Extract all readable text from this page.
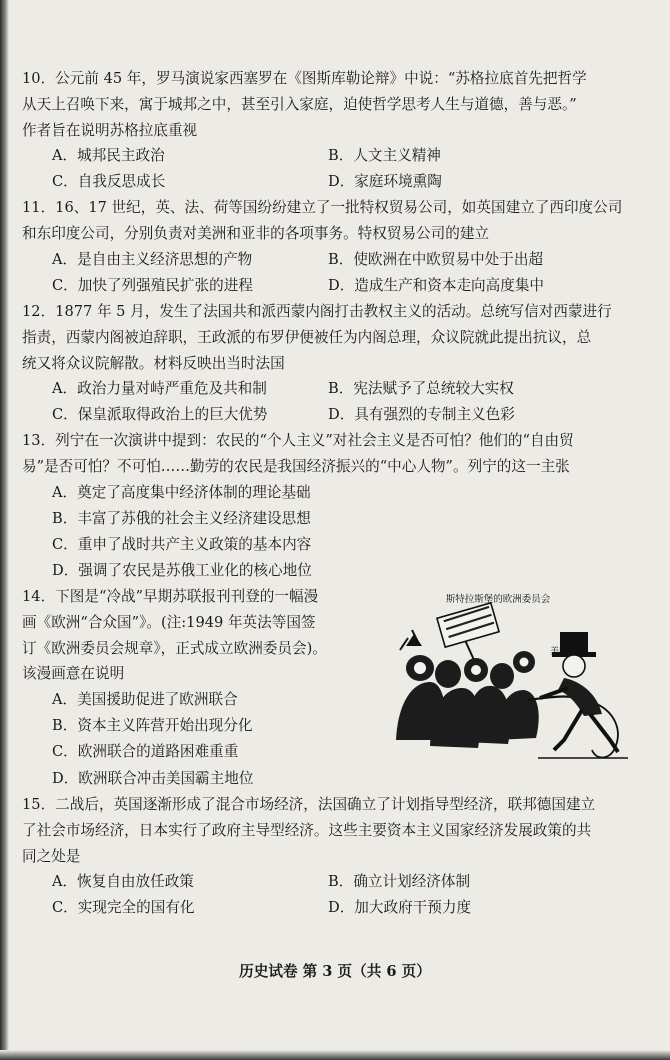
10．公元前 45 年，罗马演说家西塞罗在《图斯库勒论辩》中说：“苏格拉底首先把哲学
从天上召唤下来，寓于城邦之中，甚至引入家庭，迫使哲学思考人生与道德，善与恶。”
作者旨在说明苏格拉底重视
A．城邦民主政治	B．人文主义精神
C．自我反思成长	D．家庭环境熏陶
11．16、17 世纪，英、法、荷等国纷纷建立了一批特权贸易公司，如英国建立了西印度公司
和东印度公司，分别负责对美洲和亚非的各项事务。特权贸易公司的建立
A．是自由主义经济思想的产物	B．使欧洲在中欧贸易中处于出超
C．加快了列强殖民扩张的进程	D．造成生产和资本走向高度集中
12．1877 年 5 月，发生了法国共和派西蒙内阁打击教权主义的活动。总统写信对西蒙进行
指责，西蒙内阁被迫辞职，王政派的布罗伊便被任为内阁总理，众议院就此提出抗议，总
统又将众议院解散。材料反映出当时法国
A．政治力量对峙严重危及共和制	B．宪法赋予了总统较大实权
C．保皇派取得政治上的巨大优势	D．具有强烈的专制主义色彩
13．列宁在一次演讲中提到：农民的“个人主义”对社会主义是否可怕？他们的“自由贸
易”是否可怕？不可怕……勤劳的农民是我国经济振兴的“中心人物”。列宁的这一主张
A．奠定了高度集中经济体制的理论基础
B．丰富了苏俄的社会主义经济建设思想
C．重申了战时共产主义政策的基本内容
D．强调了农民是苏俄工业化的核心地位
14．下图是“冷战”早期苏联报刊刊登的一幅漫
画《欧洲“合众国”》。(注:1949 年英法等国签
订《欧洲委员会规章》，正式成立欧洲委员会)。
该漫画意在说明
A．美国援助促进了欧洲联合
B．资本主义阵营开始出现分化
C．欧洲联合的道路困难重重
斯特拉斯堡的欧洲委员会
美国
D．欧洲联合冲击美国霸主地位
15．二战后，英国逐渐形成了混合市场经济，法国确立了计划指导型经济，联邦德国建立
了社会市场经济，日本实行了政府主导型经济。这些主要资本主义国家经济发展政策的共
同之处是
A．恢复自由放任政策	B．确立计划经济体制
C．实现完全的国有化	D．加大政府干预力度
历史试卷 第 3 页（共 6 页）
